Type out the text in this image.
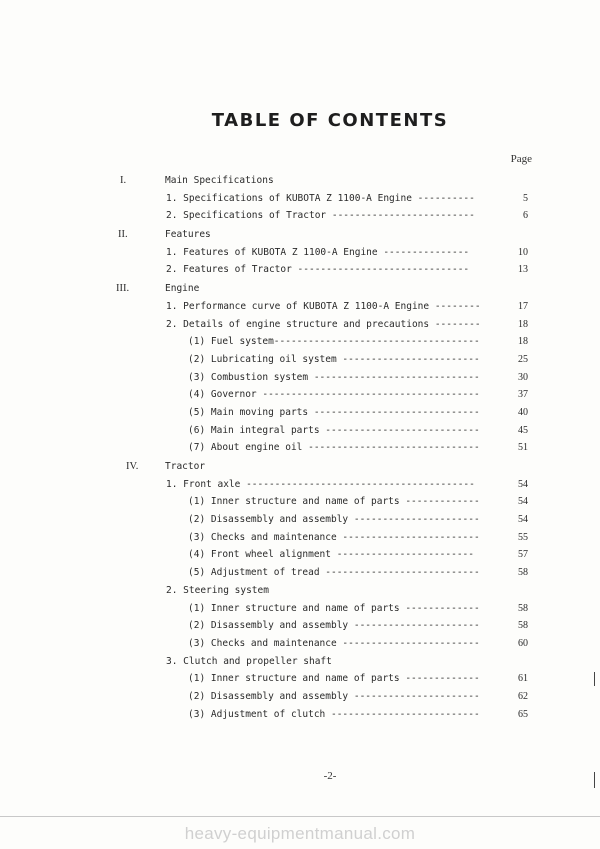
TABLE OF CONTENTS
Page
I.	Main Specifications
1. Specifications of KUBOTA Z 1100-A Engine ----------	5
2. Specifications of Tractor -------------------------	6
II.	Features
1. Features of KUBOTA Z 1100-A Engine ---------------	10
2. Features of Tractor ------------------------------	13
III.	Engine
1. Performance curve of KUBOTA Z 1100-A Engine --------	17
2. Details of engine structure and precautions --------	18
(1) Fuel system------------------------------------	18
(2) Lubricating oil system ------------------------	25
(3) Combustion system -----------------------------	30
(4) Governor --------------------------------------	37
(5) Main moving parts -----------------------------	40
(6) Main integral parts ---------------------------	45
(7) About engine oil ------------------------------	51
IV.	Tractor
1. Front axle ----------------------------------------	54
(1) Inner structure and name of parts -------------	54
(2) Disassembly and assembly ----------------------	54
(3) Checks and maintenance ------------------------	55
(4) Front wheel alignment ------------------------	57
(5) Adjustment of tread ---------------------------	58
2. Steering system
(1) Inner structure and name of parts -------------	58
(2) Disassembly and assembly ----------------------	58
(3) Checks and maintenance ------------------------	60
3. Clutch and propeller shaft
(1) Inner structure and name of parts -------------	61
(2) Disassembly and assembly ----------------------	62
(3) Adjustment of clutch --------------------------	65
-2-
heavy-equipmentmanual.com
